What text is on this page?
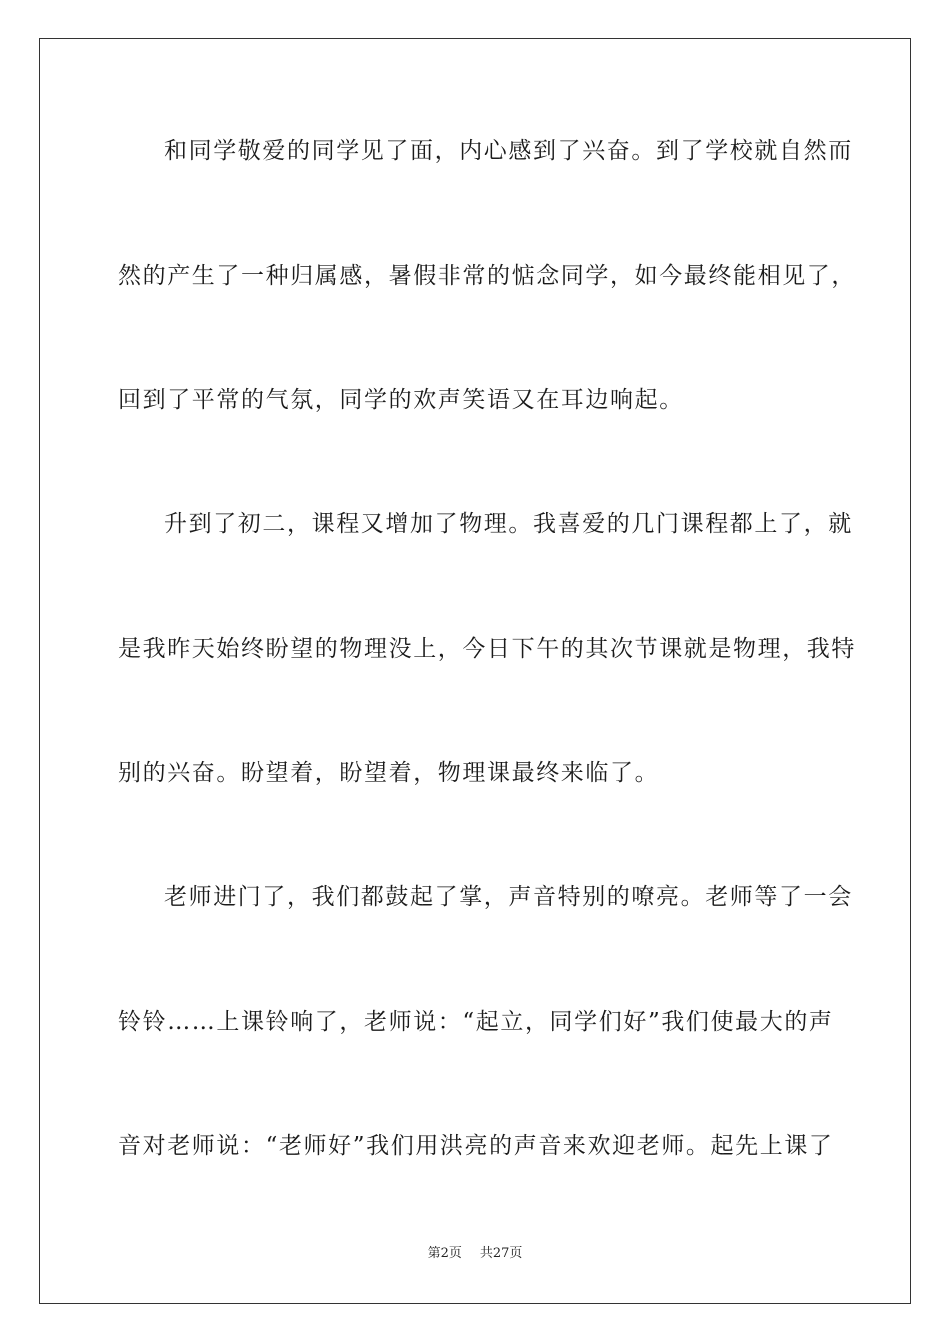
和同学敬爱的同学见了面，内心感到了兴奋。到了学校就自然而
然的产生了一种归属感，暑假非常的惦念同学，如今最终能相见了，
回到了平常的气氛，同学的欢声笑语又在耳边响起。
升到了初二，课程又增加了物理。我喜爱的几门课程都上了，就
是我昨天始终盼望的物理没上，今日下午的其次节课就是物理，我特
别的兴奋。盼望着，盼望着，物理课最终来临了。
老师进门了，我们都鼓起了掌，声音特别的嘹亮。老师等了一会
铃铃……上课铃响了，老师说：“起立，同学们好”我们使最大的声
音对老师说：“老师好”我们用洪亮的声音来欢迎老师。起先上课了
第2页 共27页
